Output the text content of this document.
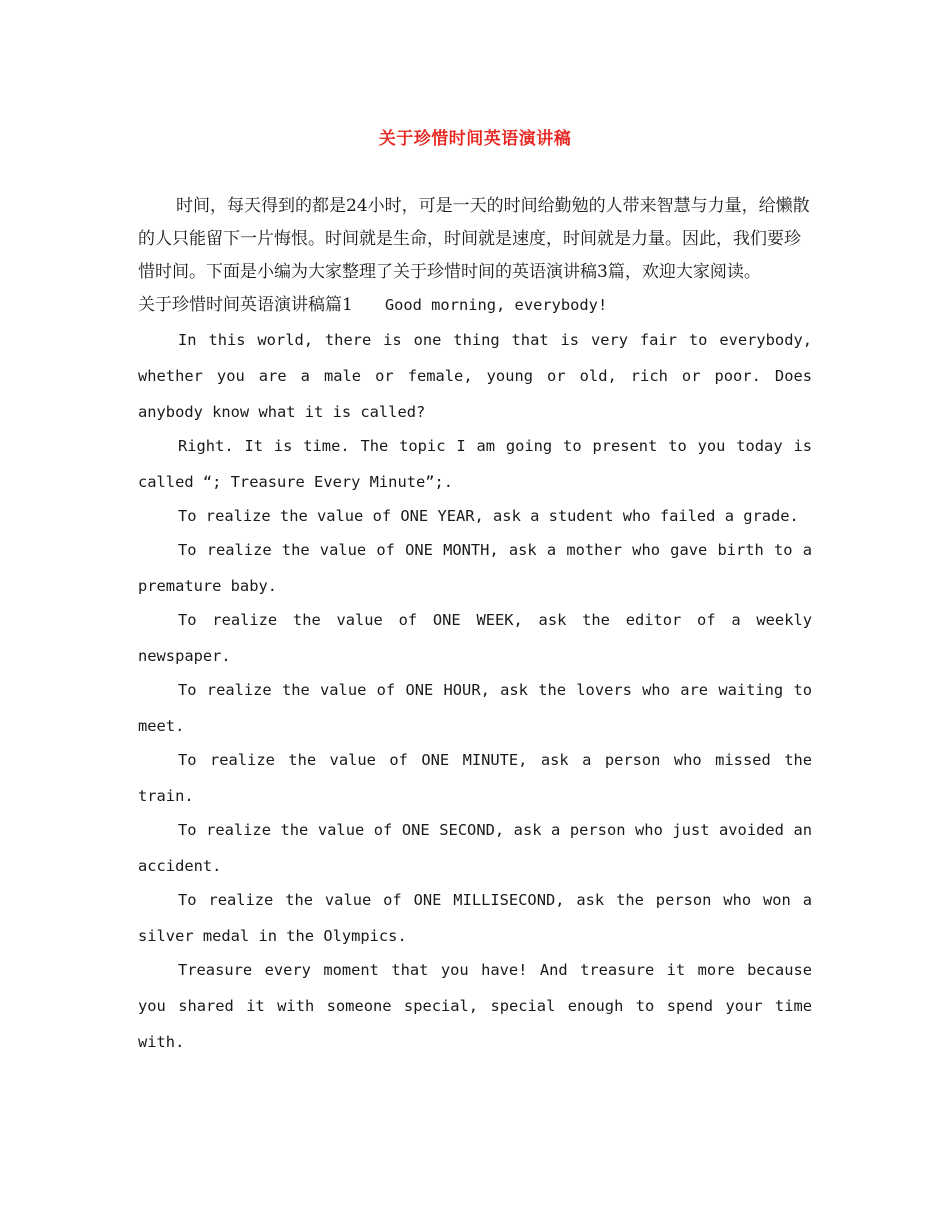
关于珍惜时间英语演讲稿

时间，每天得到的都是24小时，可是一天的时间给勤勉的人带来智慧与力量，给懒散的人只能留下一片悔恨。时间就是生命，时间就是速度，时间就是力量。因此，我们要珍惜时间。下面是小编为大家整理了关于珍惜时间的英语演讲稿3篇，欢迎大家阅读。

关于珍惜时间英语演讲稿篇1 Good morning, everybody!

In this world, there is one thing that is very fair to everybody, whether you are a male or female, young or old, rich or poor. Does anybody know what it is called?

Right. It is time. The topic I am going to present to you today is called “; Treasure Every Minute”;.

To realize the value of ONE YEAR, ask a student who failed a grade.

To realize the value of ONE MONTH, ask a mother who gave birth to a premature baby.

To realize the value of ONE WEEK, ask the editor of a weekly newspaper.

To realize the value of ONE HOUR, ask the lovers who are waiting to meet.

To realize the value of ONE MINUTE, ask a person who missed the train.

To realize the value of ONE SECOND, ask a person who just avoided an accident.

To realize the value of ONE MILLISECOND, ask the person who won a silver medal in the Olympics.

Treasure every moment that you have! And treasure it more because you shared it with someone special, special enough to spend your time with.
